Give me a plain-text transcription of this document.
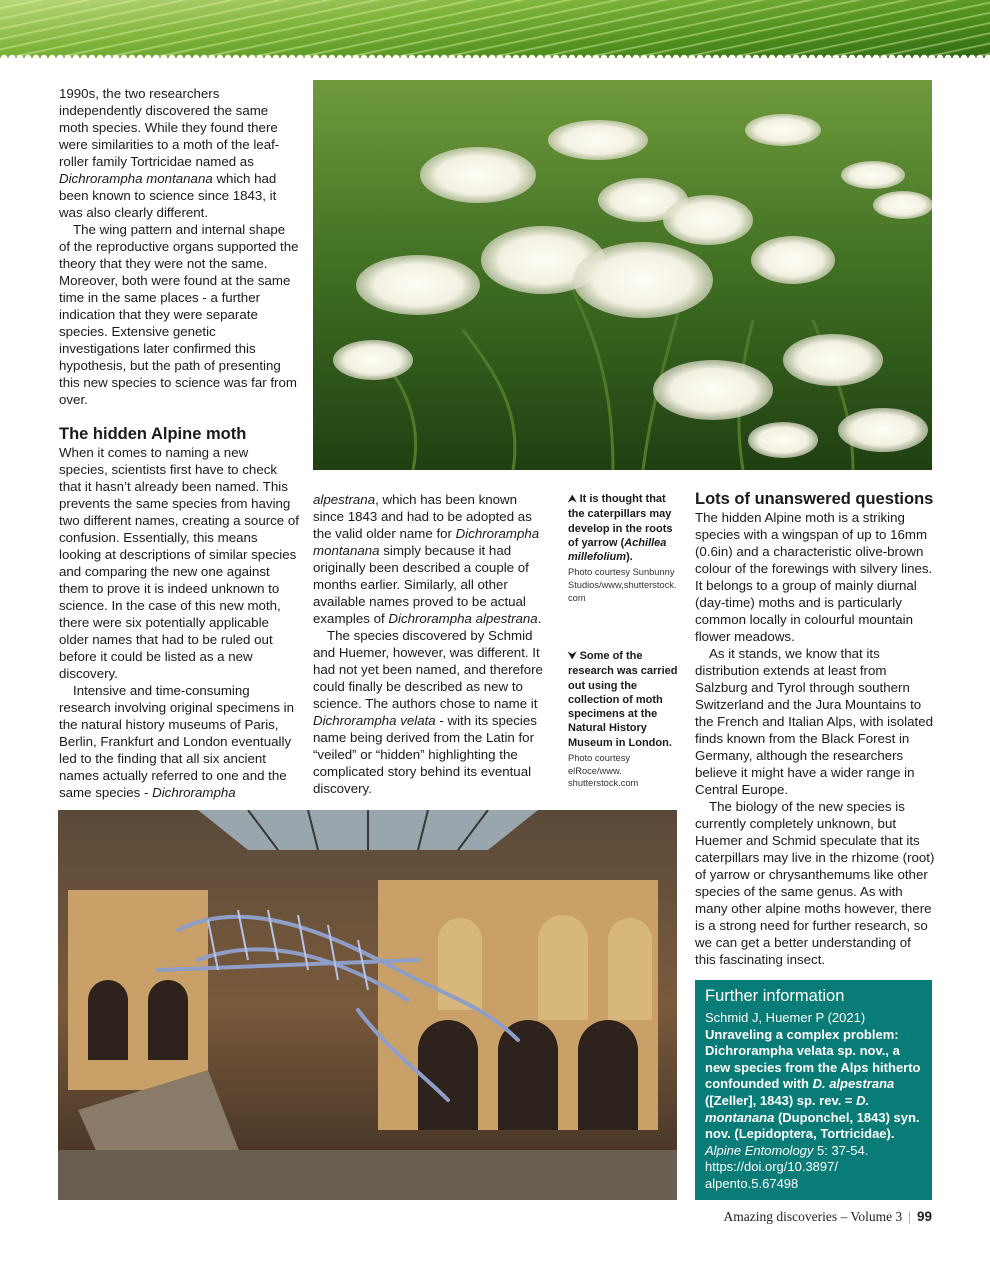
1990s, the two researchers independently discovered the same moth species. While they found there were similarities to a moth of the leaf-roller family Tortricidae named as Dichrorampha montanana which had been known to science since 1843, it was also clearly different.

The wing pattern and internal shape of the reproductive organs supported the theory that they were not the same. Moreover, both were found at the same time in the same places - a further indication that they were separate species. Extensive genetic investigations later confirmed this hypothesis, but the path of presenting this new species to science was far from over.

The hidden Alpine moth

When it comes to naming a new species, scientists first have to check that it hasn’t already been named. This prevents the same species from having two different names, creating a source of confusion. Essentially, this means looking at descriptions of similar species and comparing the new one against them to prove it is indeed unknown to science. In the case of this new moth, there were six potentially applicable older names that had to be ruled out before it could be listed as a new discovery.

Intensive and time-consuming research involving original specimens in the natural history museums of Paris, Berlin, Frankfurt and London eventually led to the finding that all six ancient names actually referred to one and the same species - Dichrorampha

alpestrana, which has been known since 1843 and had to be adopted as the valid older name for Dichrorampha montanana simply because it had originally been described a couple of months earlier. Similarly, all other available names proved to be actual examples of Dichrorampha alpestrana.

The species discovered by Schmid and Huemer, however, was different. It had not yet been named, and therefore could finally be described as new to science. The authors chose to name it Dichrorampha velata - with its species name being derived from the Latin for “veiled” or “hidden” highlighting the complicated story behind its eventual discovery.

⮝ It is thought that the caterpillars may develop in the roots of yarrow (Achillea millefolium).

Photo courtesy Sunbunny Studios/www,shutterstock. com

⮟ Some of the research was carried out using the collection of moth specimens at the Natural History Museum in London.

Photo courtesy elRoce/www. shutterstock.com

Lots of unanswered questions

The hidden Alpine moth is a striking species with a wingspan of up to 16mm (0.6in) and a characteristic olive-brown colour of the forewings with silvery lines. It belongs to a group of mainly diurnal (day-time) moths and is particularly common locally in colourful mountain flower meadows.

As it stands, we know that its distribution extends at least from Salzburg and Tyrol through southern Switzerland and the Jura Mountains to the French and Italian Alps, with isolated finds known from the Black Forest in Germany, although the researchers believe it might have a wider range in Central Europe.

The biology of the new species is currently completely unknown, but Huemer and Schmid speculate that its caterpillars may live in the rhizome (root) of yarrow or chrysanthemums like other species of the same genus. As with many other alpine moths however, there is a strong need for further research, so we can get a better understanding of this fascinating insect.

Further information

Schmid J, Huemer P (2021)
Unraveling a complex problem: Dichrorampha velata sp. nov., a new species from the Alps hitherto confounded with D. alpestrana ([Zeller], 1843) sp. rev. = D. montanana (Duponchel, 1843) syn. nov. (Lepidoptera, Tortricidae). Alpine Entomology 5: 37-54. https://doi.org/10.3897/ alpento.5.67498

Amazing discoveries – Volume 3 | 99
